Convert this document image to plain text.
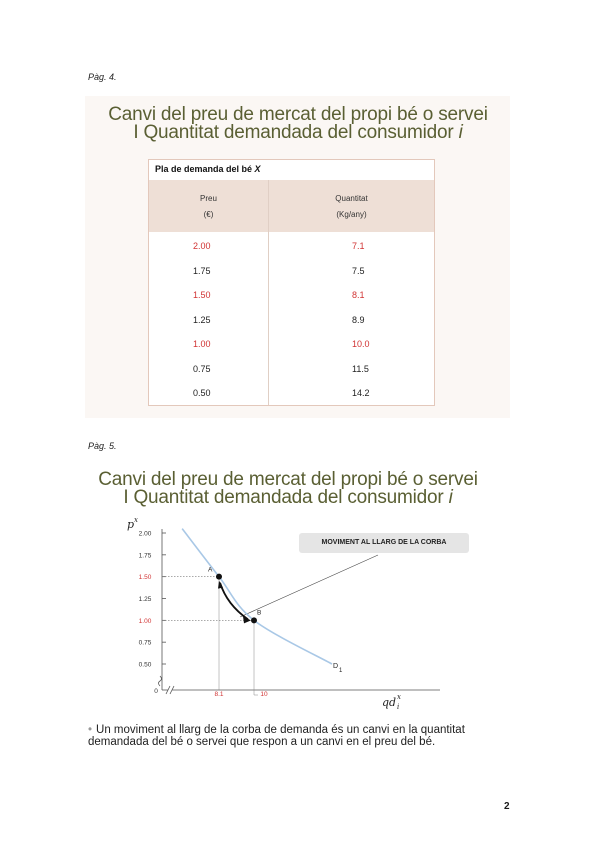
Pàg. 4.
Canvi del preu de mercat del propi bé o servei
I Quantitat demandada del consumidor i
Pla de demanda del bé X
Preu
(€)
Quantitat
(Kg/any)
2.00	7.1
1.75	7.5
1.50	8.1
1.25	8.9
1.00	10.0
0.75	11.5
0.50	14.2
Pàg. 5.
Canvi del preu de mercat del propi bé o servei
I Quantitat demandada del consumidor i
2.00
1.75
1.50
1.25
1.00
0.75
0.50
8.1	10
0
A
B
D
1
p x
qd x
i
MOVIMENT AL LLARG DE LA CORBA
• Un moviment al llarg de la corba de demanda és un canvi en la quantitat demandada del bé o servei que respon a un canvi en el preu del bé.
2
